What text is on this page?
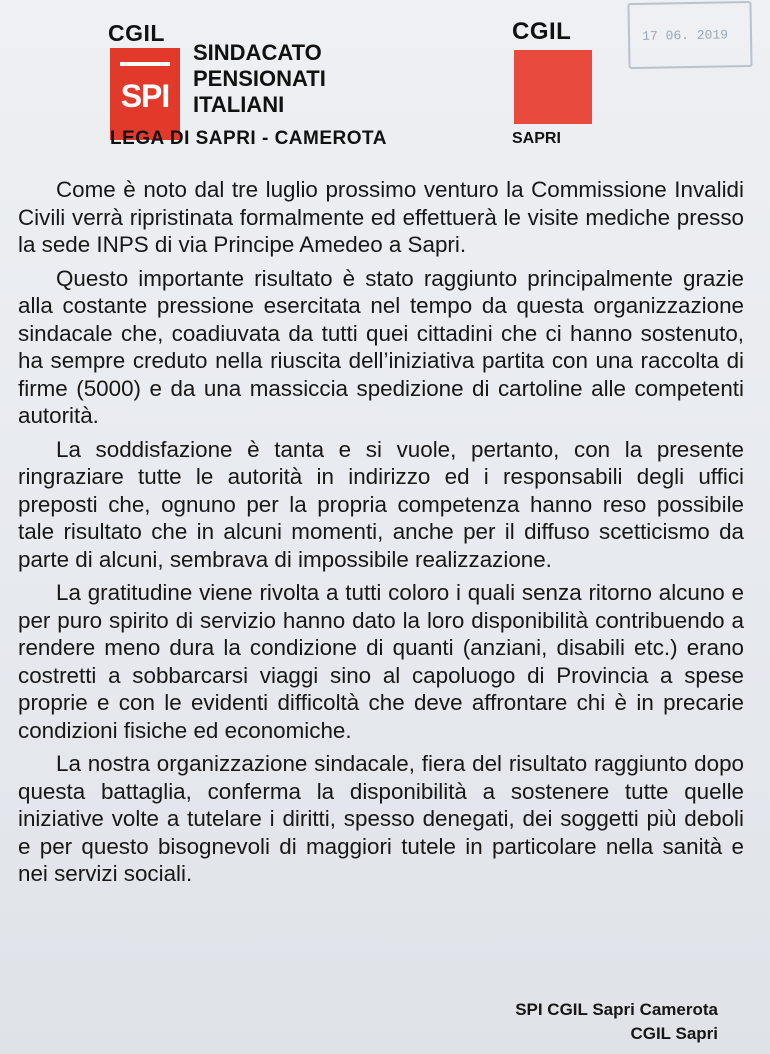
CGIL
SPI
SINDACATO
PENSIONATI
ITALIANI
LEGA DI SAPRI - CAMEROTA
CGIL
SAPRI
17 06. 2019

Come è noto dal tre luglio prossimo venturo la Commissione Invalidi Civili verrà ripristinata formalmente ed effettuerà le visite mediche presso la sede INPS di via Principe Amedeo a Sapri.

Questo importante risultato è stato raggiunto principalmente grazie alla costante pressione esercitata nel tempo da questa organizzazione sindacale che, coadiuvata da tutti quei cittadini che ci hanno sostenuto, ha sempre creduto nella riuscita dell’iniziativa partita con una raccolta di firme (5000) e da una massiccia spedizione di cartoline alle competenti autorità.

La soddisfazione è tanta e si vuole, pertanto, con la presente ringraziare tutte le autorità in indirizzo ed i responsabili degli uffici preposti che, ognuno per la propria competenza hanno reso possibile tale risultato che in alcuni momenti, anche per il diffuso scetticismo da parte di alcuni, sembrava di impossibile realizzazione.

La gratitudine viene rivolta a tutti coloro i quali senza ritorno alcuno e per puro spirito di servizio hanno dato la loro disponibilità contribuendo a rendere meno dura la condizione di quanti (anziani, disabili etc.) erano costretti a sobbarcarsi viaggi sino al capoluogo di Provincia a spese proprie e con le evidenti difficoltà che deve affrontare chi è in precarie condizioni fisiche ed economiche.

La nostra organizzazione sindacale, fiera del risultato raggiunto dopo questa battaglia, conferma la disponibilità a sostenere tutte quelle iniziative volte a tutelare i diritti, spesso denegati, dei soggetti più deboli e per questo bisognevoli di maggiori tutele in particolare nella sanità e nei servizi sociali.

SPI CGIL Sapri Camerota
CGIL Sapri
